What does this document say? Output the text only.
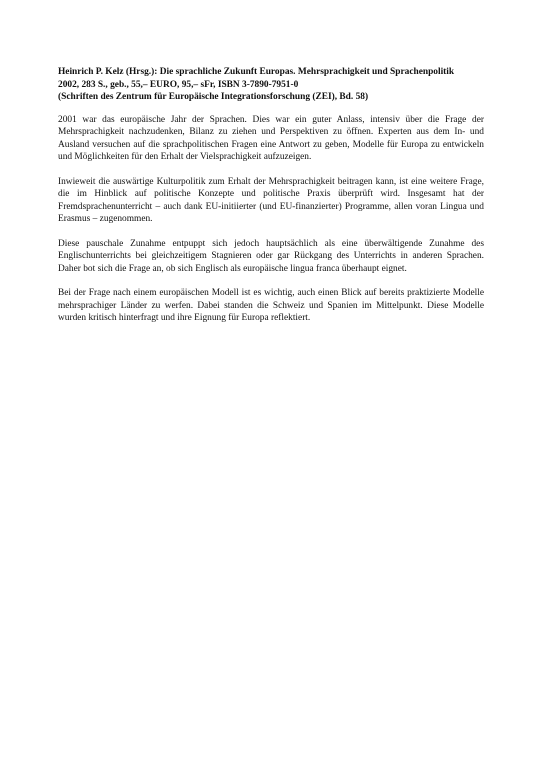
Heinrich P. Kelz (Hrsg.): Die sprachliche Zukunft Europas. Mehrsprachigkeit und Sprachenpolitik
2002, 283 S., geb., 55,– EURO, 95,– sFr, ISBN 3-7890-7951-0
(Schriften des Zentrum für Europäische Integrationsforschung (ZEI), Bd. 58)

2001 war das europäische Jahr der Sprachen. Dies war ein guter Anlass, intensiv über die Frage der Mehrsprachigkeit nachzudenken, Bilanz zu ziehen und Perspektiven zu öffnen. Experten aus dem In- und Ausland versuchen auf die sprachpolitischen Fragen eine Antwort zu geben, Modelle für Europa zu entwickeln und Möglichkeiten für den Erhalt der Vielsprachigkeit aufzuzeigen.

Inwieweit die auswärtige Kulturpolitik zum Erhalt der Mehrsprachigkeit beitragen kann, ist eine weitere Frage, die im Hinblick auf politische Konzepte und politische Praxis überprüft wird. Insgesamt hat der Fremdsprachenunterricht – auch dank EU-initiierter (und EU-finanzierter) Programme, allen voran Lingua und Erasmus – zugenommen.

Diese pauschale Zunahme entpuppt sich jedoch hauptsächlich als eine überwältigende Zunahme des Englischunterrichts bei gleichzeitigem Stagnieren oder gar Rückgang des Unterrichts in anderen Sprachen. Daher bot sich die Frage an, ob sich Englisch als europäische lingua franca überhaupt eignet.

Bei der Frage nach einem europäischen Modell ist es wichtig, auch einen Blick auf bereits praktizierte Modelle mehrsprachiger Länder zu werfen. Dabei standen die Schweiz und Spanien im Mittelpunkt. Diese Modelle wurden kritisch hinterfragt und ihre Eignung für Europa reflektiert.
